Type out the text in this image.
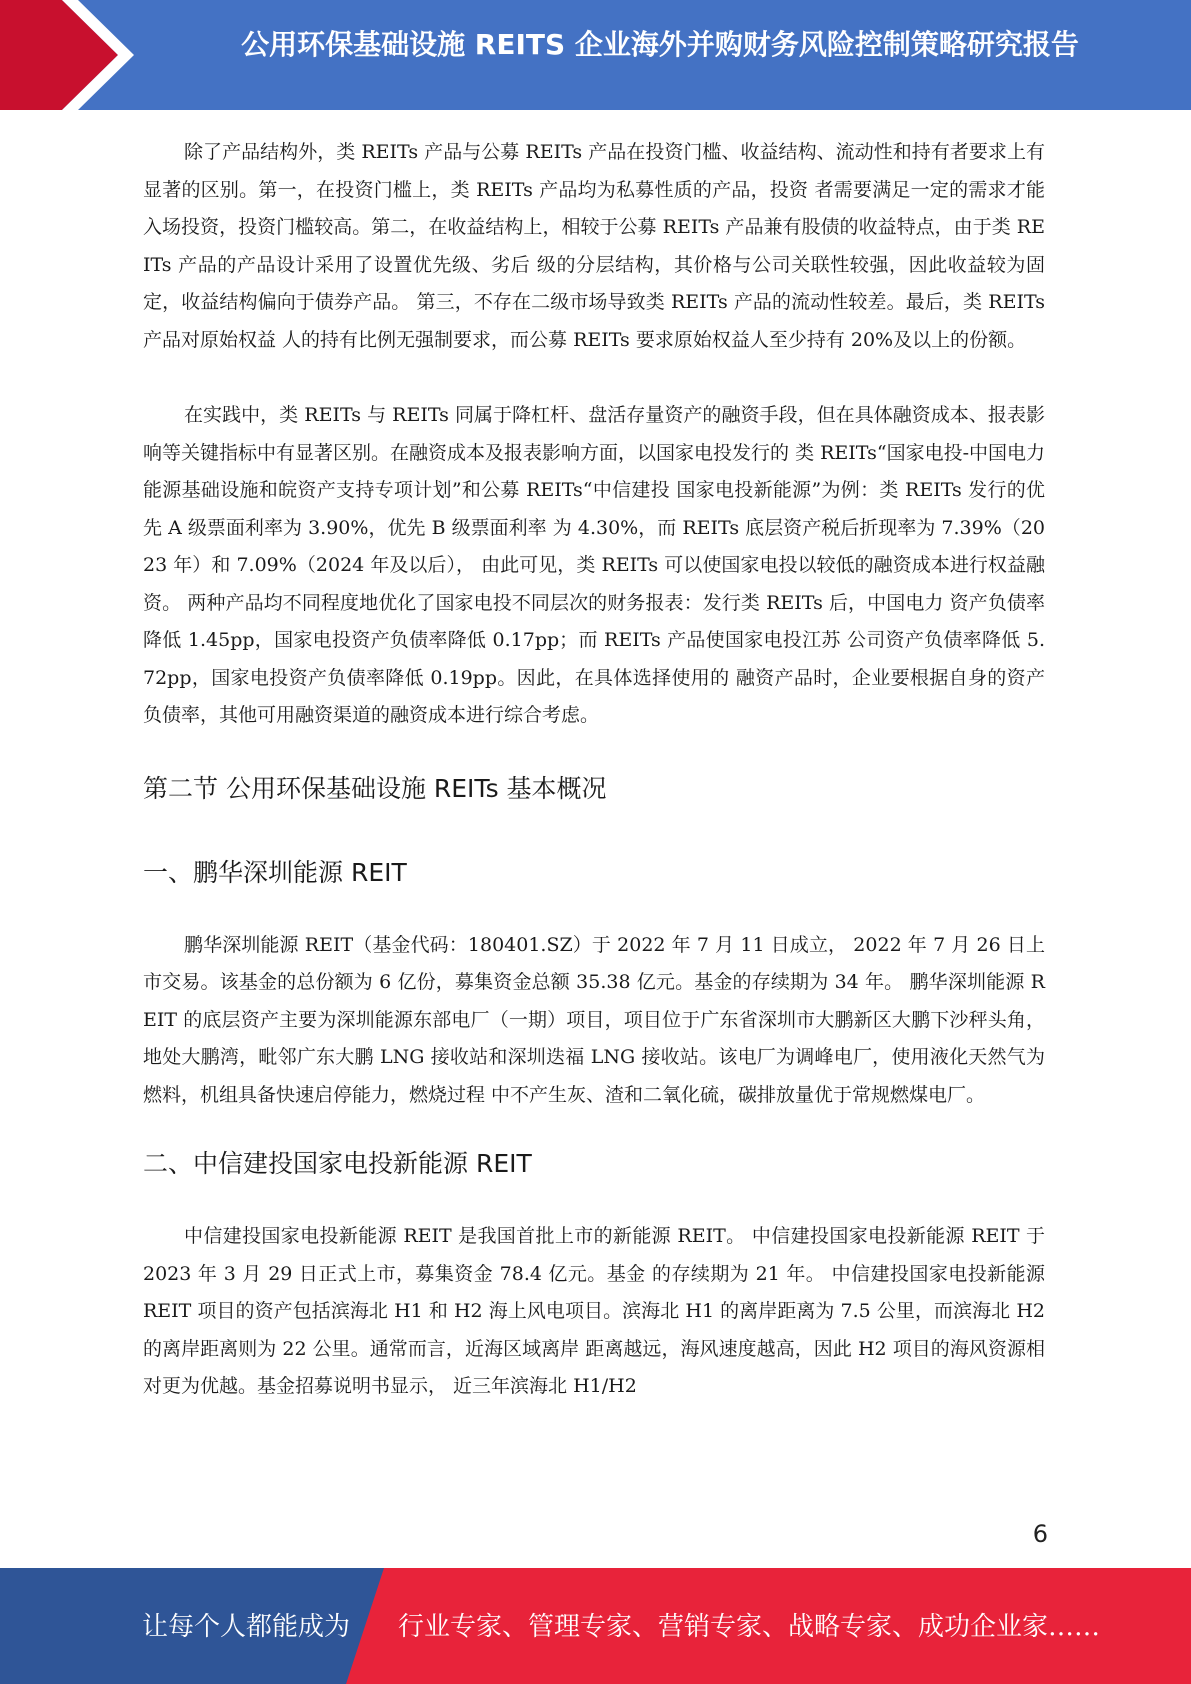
公用环保基础设施 REITS 企业海外并购财务风险控制策略研究报告

除了产品结构外，类 REITs 产品与公募 REITs 产品在投资门槛、收益结构、流动性和持有者要求上有显著的区别。第一，在投资门槛上，类 REITs 产品均为私募性质的产品，投资 者需要满足一定的需求才能入场投资，投资门槛较高。第二，在收益结构上，相较于公募 REITs 产品兼有股债的收益特点，由于类 REITs 产品的产品设计采用了设置优先级、劣后 级的分层结构，其价格与公司关联性较强，因此收益较为固定，收益结构偏向于债券产品。 第三，不存在二级市场导致类 REITs 产品的流动性较差。最后，类 REITs 产品对原始权益 人的持有比例无强制要求，而公募 REITs 要求原始权益人至少持有 20%及以上的份额。

在实践中，类 REITs 与 REITs 同属于降杠杆、盘活存量资产的融资手段，但在具体融资成本、报表影响等关键指标中有显著区别。在融资成本及报表影响方面，以国家电投发行的 类 REITs“国家电投-中国电力能源基础设施和皖资产支持专项计划”和公募 REITs“中信建投 国家电投新能源”为例：类 REITs 发行的优先 A 级票面利率为 3.90%，优先 B 级票面利率 为 4.30%，而 REITs 底层资产税后折现率为 7.39%（2023 年）和 7.09%（2024 年及以后）， 由此可见，类 REITs 可以使国家电投以较低的融资成本进行权益融资。 两种产品均不同程度地优化了国家电投不同层次的财务报表：发行类 REITs 后，中国电力 资产负债率降低 1.45pp，国家电投资产负债率降低 0.17pp；而 REITs 产品使国家电投江苏 公司资产负债率降低 5.72pp，国家电投资产负债率降低 0.19pp。因此，在具体选择使用的 融资产品时，企业要根据自身的资产负债率，其他可用融资渠道的融资成本进行综合考虑。

第二节 公用环保基础设施 REITs 基本概况
一、鹏华深圳能源 REIT

鹏华深圳能源 REIT（基金代码：180401.SZ）于 2022 年 7 月 11 日成立， 2022 年 7 月 26 日上市交易。该基金的总份额为 6 亿份，募集资金总额 35.38 亿元。基金的存续期为 34 年。 鹏华深圳能源 REIT 的底层资产主要为深圳能源东部电厂（一期）项目，项目位于广东省深圳市大鹏新区大鹏下沙秤头角，地处大鹏湾，毗邻广东大鹏 LNG 接收站和深圳迭福 LNG 接收站。该电厂为调峰电厂，使用液化天然气为燃料，机组具备快速启停能力，燃烧过程 中不产生灰、渣和二氧化硫，碳排放量优于常规燃煤电厂。

二、中信建投国家电投新能源 REIT

中信建投国家电投新能源 REIT 是我国首批上市的新能源 REIT。 中信建投国家电投新能源 REIT 于 2023 年 3 月 29 日正式上市，募集资金 78.4 亿元。基金 的存续期为 21 年。 中信建投国家电投新能源 REIT 项目的资产包括滨海北 H1 和 H2 海上风电项目。滨海北 H1 的离岸距离为 7.5 公里，而滨海北 H2 的离岸距离则为 22 公里。通常而言，近海区域离岸 距离越远，海风速度越高，因此 H2 项目的海风资源相对更为优越。基金招募说明书显示， 近三年滨海北 H1/H2

6
让每个人都能成为 行业专家、管理专家、营销专家、战略专家、成功企业家……
